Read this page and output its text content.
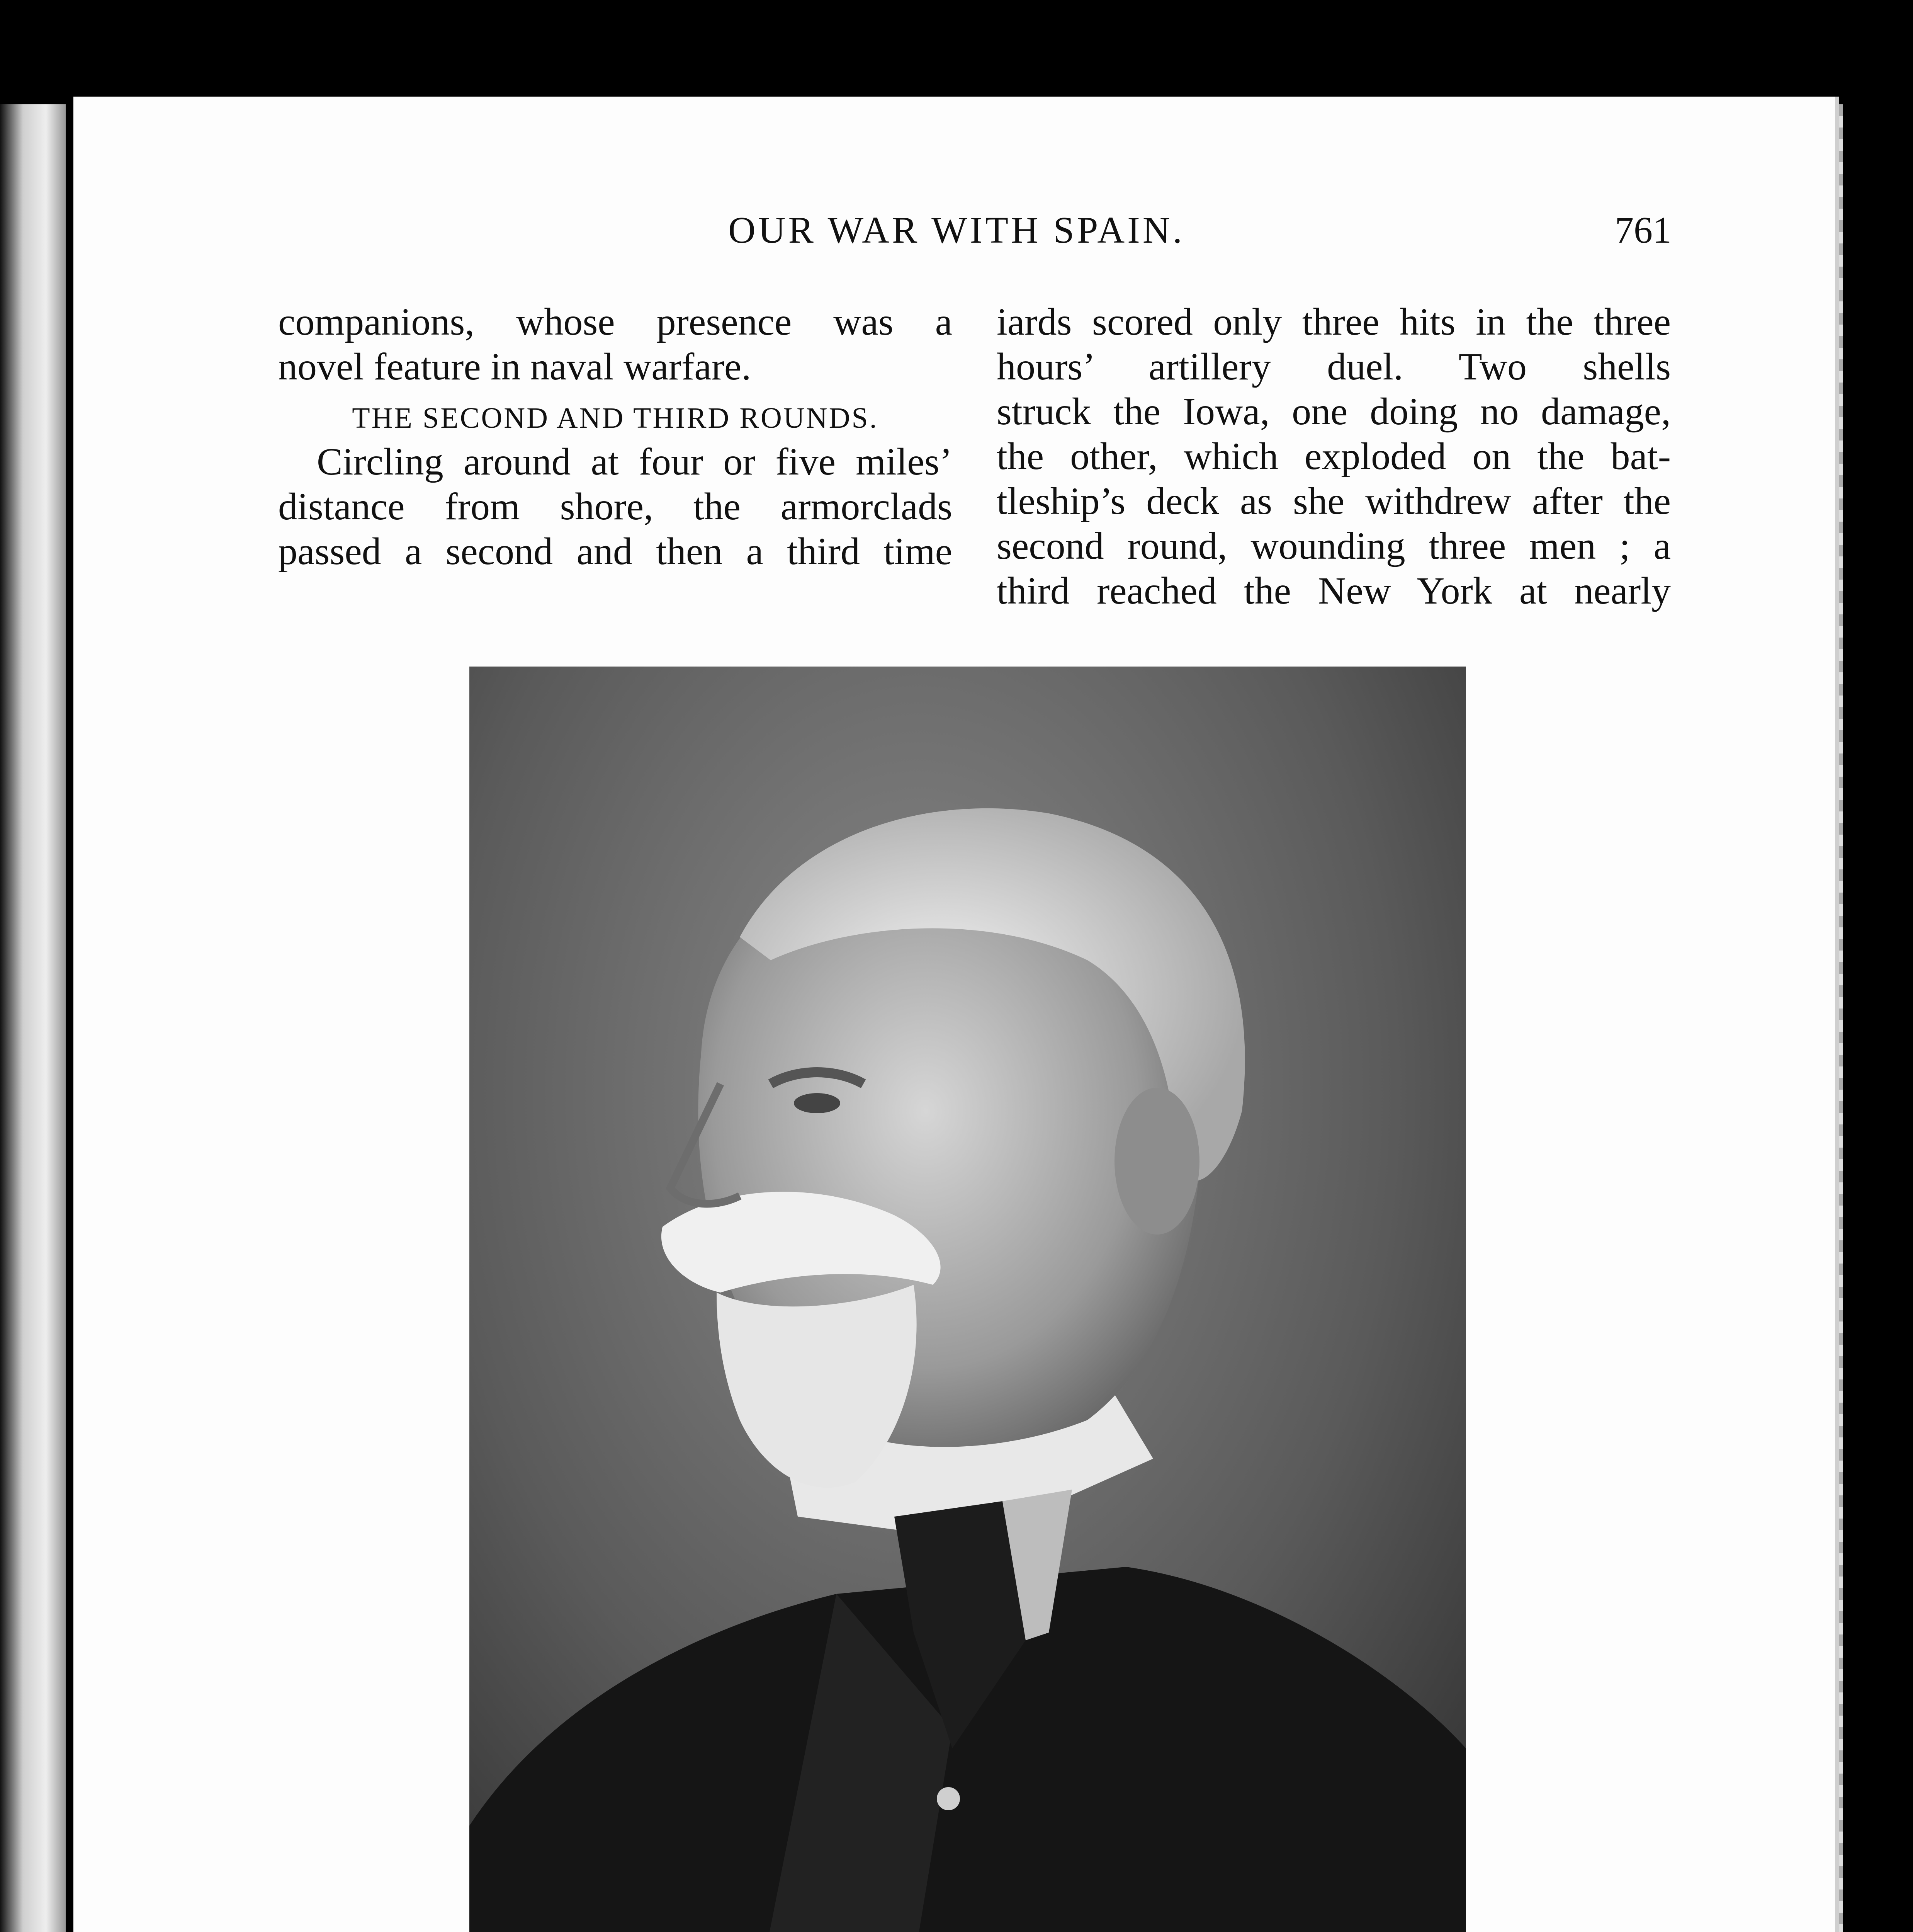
OUR WAR WITH SPAIN.	761
companions, whose presence was a
novel feature in naval warfare.
THE SECOND AND THIRD ROUNDS.
Circling around at four or five miles’
distance from shore, the armorclads
passed a second and then a third time
iards scored only three hits in the three
hours’ artillery duel. Two shells
struck the Iowa, one doing no damage,
the other, which exploded on the bat-
tleship’s deck as she withdrew after the
second round, wounding three men ; a
third reached the New York at nearly
